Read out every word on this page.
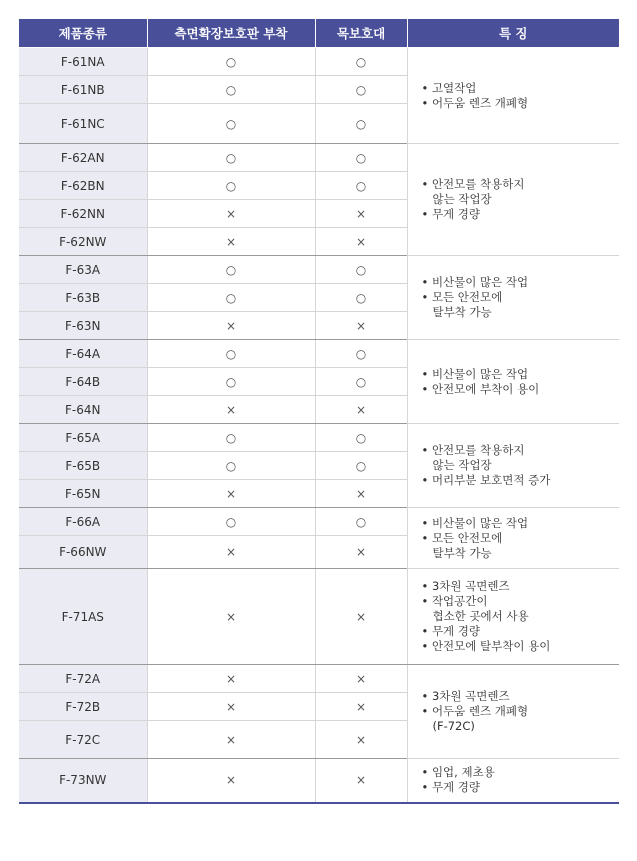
제품종류	측면확장보호판 부착	목보호대	특 징
F-61NA	○	○	• 고열작업
• 어두움 렌즈 개폐형

F-61NB	○	○	
F-61NC	○	○	
F-62AN	○	○	• 안전모를 착용하지
않는 작업장
• 무게 경량

F-62BN	○	○	
F-62NN	×	×	
F-62NW	×	×	
F-63A	○	○	• 비산물이 많은 작업
• 모든 안전모에
탈부착 가능

F-63B	○	○	
F-63N	×	×	
F-64A	○	○	• 비산물이 많은 작업
• 안전모에 부착이 용이

F-64B	○	○	
F-64N	×	×	
F-65A	○	○	• 안전모를 착용하지
않는 작업장
• 머리부분 보호면적 증가

F-65B	○	○	
F-65N	×	×	
F-66A	○	○	• 비산물이 많은 작업
• 모든 안전모에
탈부착 가능

F-66NW	×	×	
F-71AS	×	×	• 3차원 곡면렌즈
• 작업공간이
협소한 곳에서 사용
• 무게 경량
• 안전모에 탈부착이 용이

F-72A	×	×	• 3차원 곡면렌즈
• 어두움 렌즈 개폐형
(F-72C)

F-72B	×	×	
F-72C	×	×	
F-73NW	×	×	• 임업, 제초용
• 무게 경량
